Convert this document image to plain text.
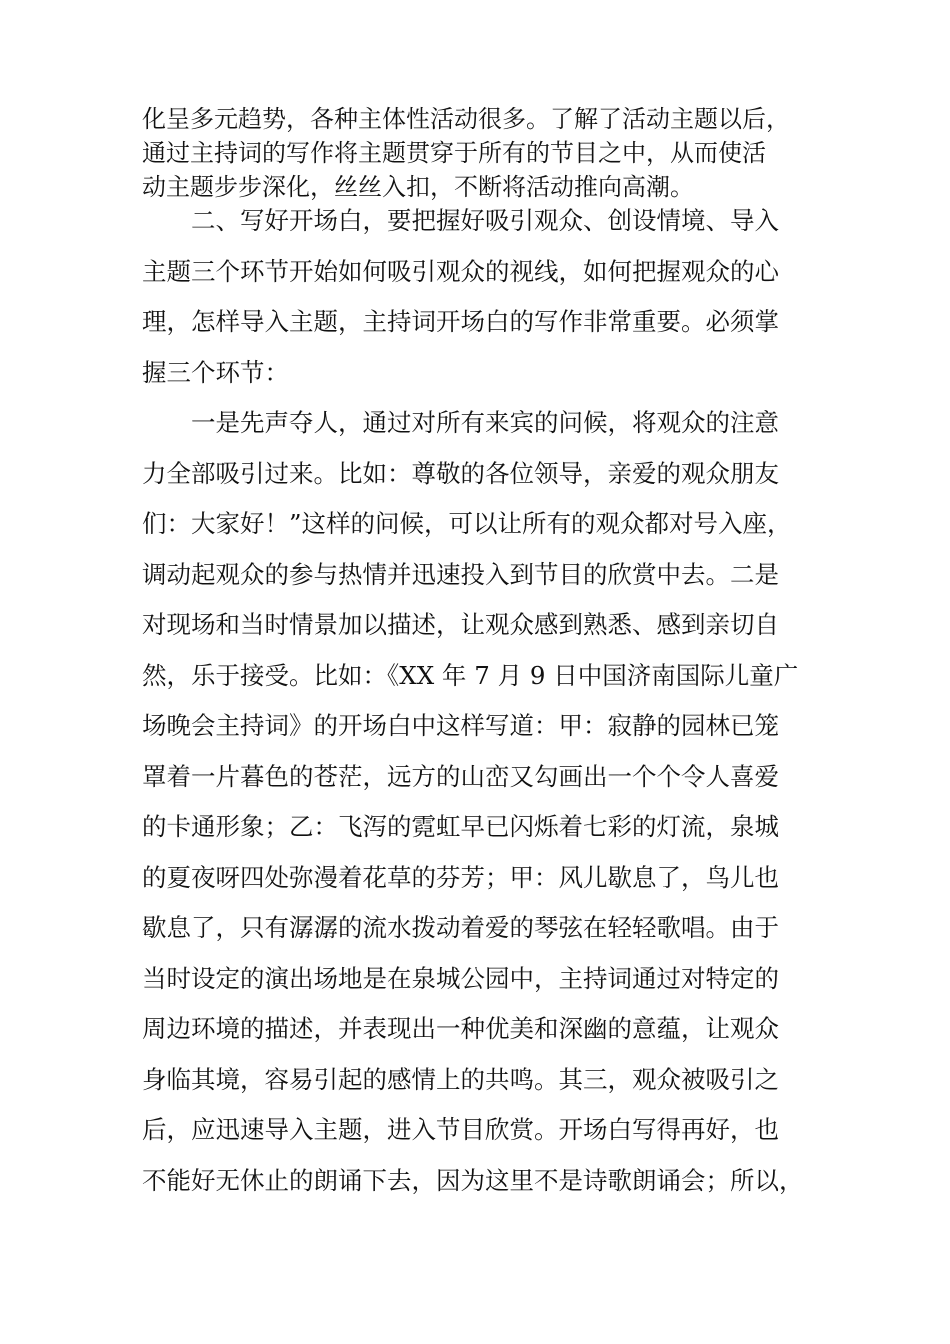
化呈多元趋势，各种主体性活动很多。了解了活动主题以后，
通过主持词的写作将主题贯穿于所有的节目之中，从而使活
动主题步步深化，丝丝入扣，不断将活动推向高潮。
　　二、写好开场白，要把握好吸引观众、创设情境、导入
主题三个环节开始如何吸引观众的视线，如何把握观众的心
理，怎样导入主题，主持词开场白的写作非常重要。必须掌
握三个环节：
　　一是先声夺人，通过对所有来宾的问候，将观众的注意
力全部吸引过来。比如：尊敬的各位领导，亲爱的观众朋友
们：大家好！”这样的问候，可以让所有的观众都对号入座，
调动起观众的参与热情并迅速投入到节目的欣赏中去。二是
对现场和当时情景加以描述，让观众感到熟悉、感到亲切自
然，乐于接受。比如：《XX 年 7 月 9 日中国济南国际儿童广
场晚会主持词》的开场白中这样写道：甲：寂静的园林已笼
罩着一片暮色的苍茫，远方的山峦又勾画出一个个令人喜爱
的卡通形象；乙：飞泻的霓虹早已闪烁着七彩的灯流，泉城
的夏夜呀四处弥漫着花草的芬芳；甲：风儿歇息了，鸟儿也
歇息了，只有潺潺的流水拨动着爱的琴弦在轻轻歌唱。由于
当时设定的演出场地是在泉城公园中，主持词通过对特定的
周边环境的描述，并表现出一种优美和深幽的意蕴，让观众
身临其境，容易引起的感情上的共鸣。其三，观众被吸引之
后，应迅速导入主题，进入节目欣赏。开场白写得再好，也
不能好无休止的朗诵下去，因为这里不是诗歌朗诵会；所以，
